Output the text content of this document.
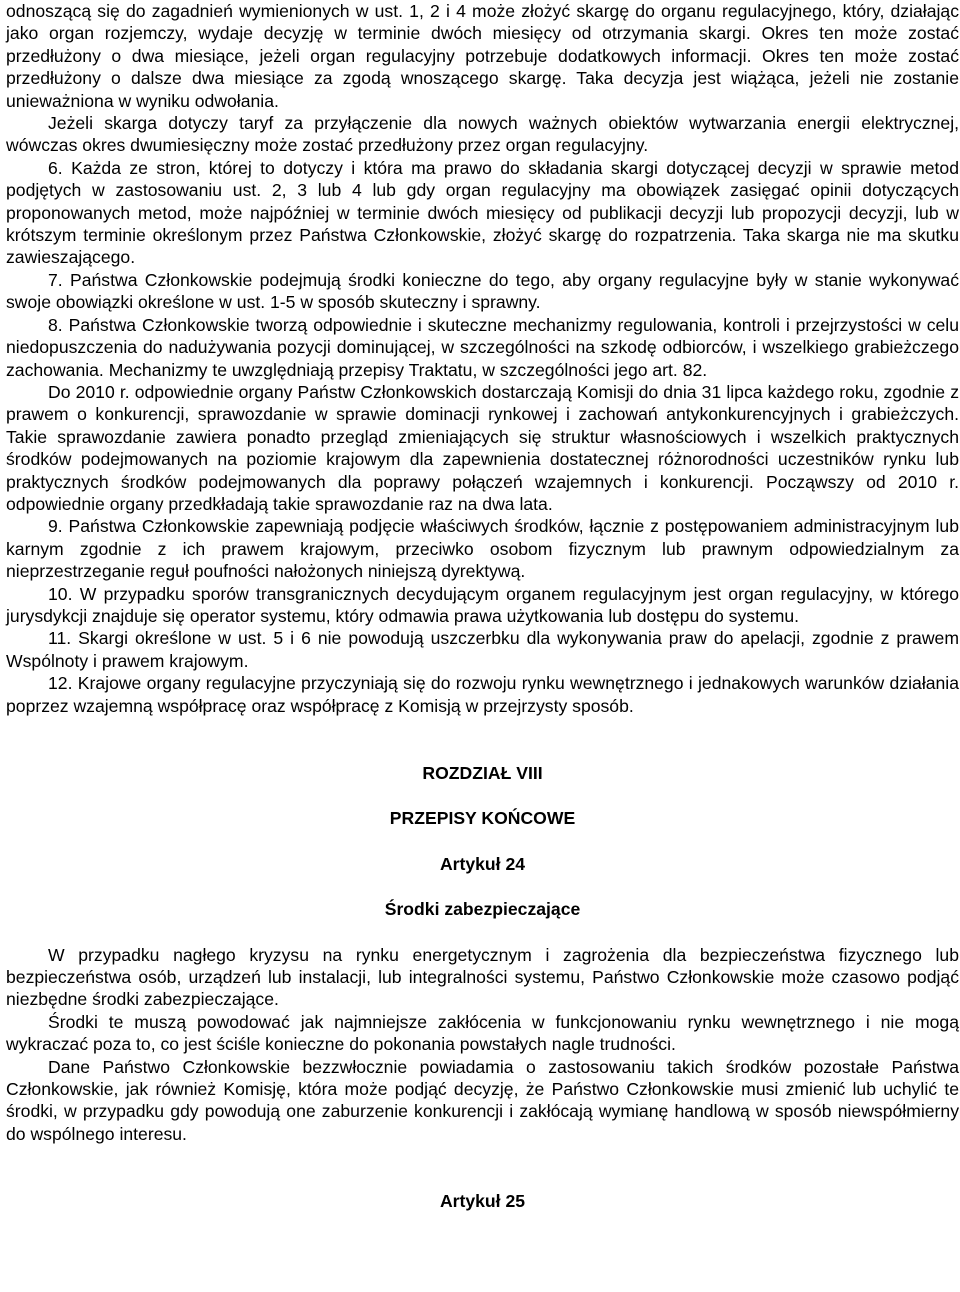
odnoszącą się do zagadnień wymienionych w ust. 1, 2 i 4 może złożyć skargę do organu regulacyjnego, który, działając jako organ rozjemczy, wydaje decyzję w terminie dwóch miesięcy od otrzymania skargi. Okres ten może zostać przedłużony o dwa miesiące, jeżeli organ regulacyjny potrzebuje dodatkowych informacji. Okres ten może zostać przedłużony o dalsze dwa miesiące za zgodą wnoszącego skargę. Taka decyzja jest wiążąca, jeżeli nie zostanie unieważniona w wyniku odwołania.

Jeżeli skarga dotyczy taryf za przyłączenie dla nowych ważnych obiektów wytwarzania energii elektrycznej, wówczas okres dwumiesięczny może zostać przedłużony przez organ regulacyjny.

6. Każda ze stron, której to dotyczy i która ma prawo do składania skargi dotyczącej decyzji w sprawie metod podjętych w zastosowaniu ust. 2, 3 lub 4 lub gdy organ regulacyjny ma obowiązek zasięgać opinii dotyczących proponowanych metod, może najpóźniej w terminie dwóch miesięcy od publikacji decyzji lub propozycji decyzji, lub w krótszym terminie określonym przez Państwa Członkowskie, złożyć skargę do rozpatrzenia. Taka skarga nie ma skutku zawieszającego.

7. Państwa Członkowskie podejmują środki konieczne do tego, aby organy regulacyjne były w stanie wykonywać swoje obowiązki określone w ust. 1-5 w sposób skuteczny i sprawny.

8. Państwa Członkowskie tworzą odpowiednie i skuteczne mechanizmy regulowania, kontroli i przejrzystości w celu niedopuszczenia do nadużywania pozycji dominującej, w szczególności na szkodę odbiorców, i wszelkiego grabieżczego zachowania. Mechanizmy te uwzględniają przepisy Traktatu, w szczególności jego art. 82.

Do 2010 r. odpowiednie organy Państw Członkowskich dostarczają Komisji do dnia 31 lipca każdego roku, zgodnie z prawem o konkurencji, sprawozdanie w sprawie dominacji rynkowej i zachowań antykonkurencyjnych i grabieżczych. Takie sprawozdanie zawiera ponadto przegląd zmieniających się struktur własnościowych i wszelkich praktycznych środków podejmowanych na poziomie krajowym dla zapewnienia dostatecznej różnorodności uczestników rynku lub praktycznych środków podejmowanych dla poprawy połączeń wzajemnych i konkurencji. Począwszy od 2010 r. odpowiednie organy przedkładają takie sprawozdanie raz na dwa lata.

9. Państwa Członkowskie zapewniają podjęcie właściwych środków, łącznie z postępowaniem administracyjnym lub karnym zgodnie z ich prawem krajowym, przeciwko osobom fizycznym lub prawnym odpowiedzialnym za nieprzestrzeganie reguł poufności nałożonych niniejszą dyrektywą.

10. W przypadku sporów transgranicznych decydującym organem regulacyjnym jest organ regulacyjny, w którego jurysdykcji znajduje się operator systemu, który odmawia prawa użytkowania lub dostępu do systemu.

11. Skargi określone w ust. 5 i 6 nie powodują uszczerbku dla wykonywania praw do apelacji, zgodnie z prawem Wspólnoty i prawem krajowym.

12. Krajowe organy regulacyjne przyczyniają się do rozwoju rynku wewnętrznego i jednakowych warunków działania poprzez wzajemną współpracę oraz współpracę z Komisją w przejrzysty sposób.

ROZDZIAŁ VIII

PRZEPISY KOŃCOWE

Artykuł 24

Środki zabezpieczające

W przypadku nagłego kryzysu na rynku energetycznym i zagrożenia dla bezpieczeństwa fizycznego lub bezpieczeństwa osób, urządzeń lub instalacji, lub integralności systemu, Państwo Członkowskie może czasowo podjąć niezbędne środki zabezpieczające.

Środki te muszą powodować jak najmniejsze zakłócenia w funkcjonowaniu rynku wewnętrznego i nie mogą wykraczać poza to, co jest ściśle konieczne do pokonania powstałych nagle trudności.

Dane Państwo Członkowskie bezzwłocznie powiadamia o zastosowaniu takich środków pozostałe Państwa Członkowskie, jak również Komisję, która może podjąć decyzję, że Państwo Członkowskie musi zmienić lub uchylić te środki, w przypadku gdy powodują one zaburzenie konkurencji i zakłócają wymianę handlową w sposób niewspółmierny do wspólnego interesu.

Artykuł 25
